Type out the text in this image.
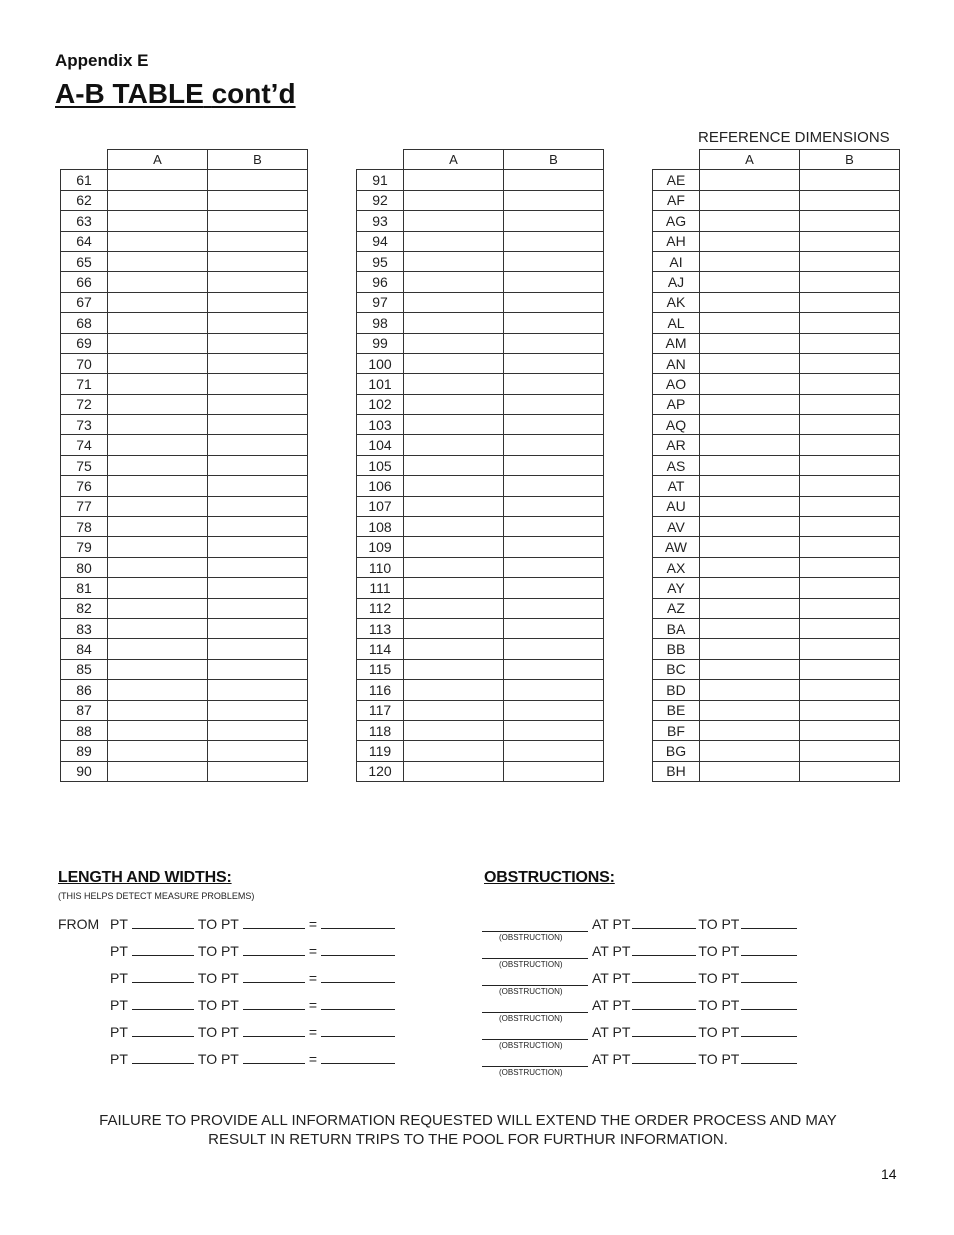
Appendix E
A-B TABLE cont’d
REFERENCE DIMENSIONS
	A	B
61		
62		
63		
64		
65		
66		
67		
68		
69		
70		
71		
72		
73		
74		
75		
76		
77		
78		
79		
80		
81		
82		
83		
84		
85		
86		
87		
88		
89		
90		
	A	B
91		
92		
93		
94		
95		
96		
97		
98		
99		
100		
101		
102		
103		
104		
105		
106		
107		
108		
109		
110		
111		
112		
113		
114		
115		
116		
117		
118		
119		
120		
	A	B
AE		
AF		
AG		
AH		
AI		
AJ		
AK		
AL		
AM		
AN		
AO		
AP		
AQ		
AR		
AS		
AT		
AU		
AV		
AW		
AX		
AY		
AZ		
BA		
BB		
BC		
BD		
BE		
BF		
BG		
BH		
LENGTH AND WIDTHS:
(THIS HELPS DETECT MEASURE PROBLEMS)
FROM PT	TO PT	=
PT	TO PT	=
PT	TO PT	=
PT	TO PT	=
PT	TO PT	=
PT	TO PT	=
OBSTRUCTIONS:
(OBSTRUCTION)
AT PT	TO PT
(OBSTRUCTION)
AT PT	TO PT
(OBSTRUCTION)
AT PT	TO PT
(OBSTRUCTION)
AT PT	TO PT
(OBSTRUCTION)
AT PT	TO PT
(OBSTRUCTION)
AT PT	TO PT
FAILURE TO PROVIDE ALL INFORMATION REQUESTED WILL EXTEND THE ORDER PROCESS AND MAY
RESULT IN RETURN TRIPS TO THE POOL FOR FURTHUR INFORMATION.
14
